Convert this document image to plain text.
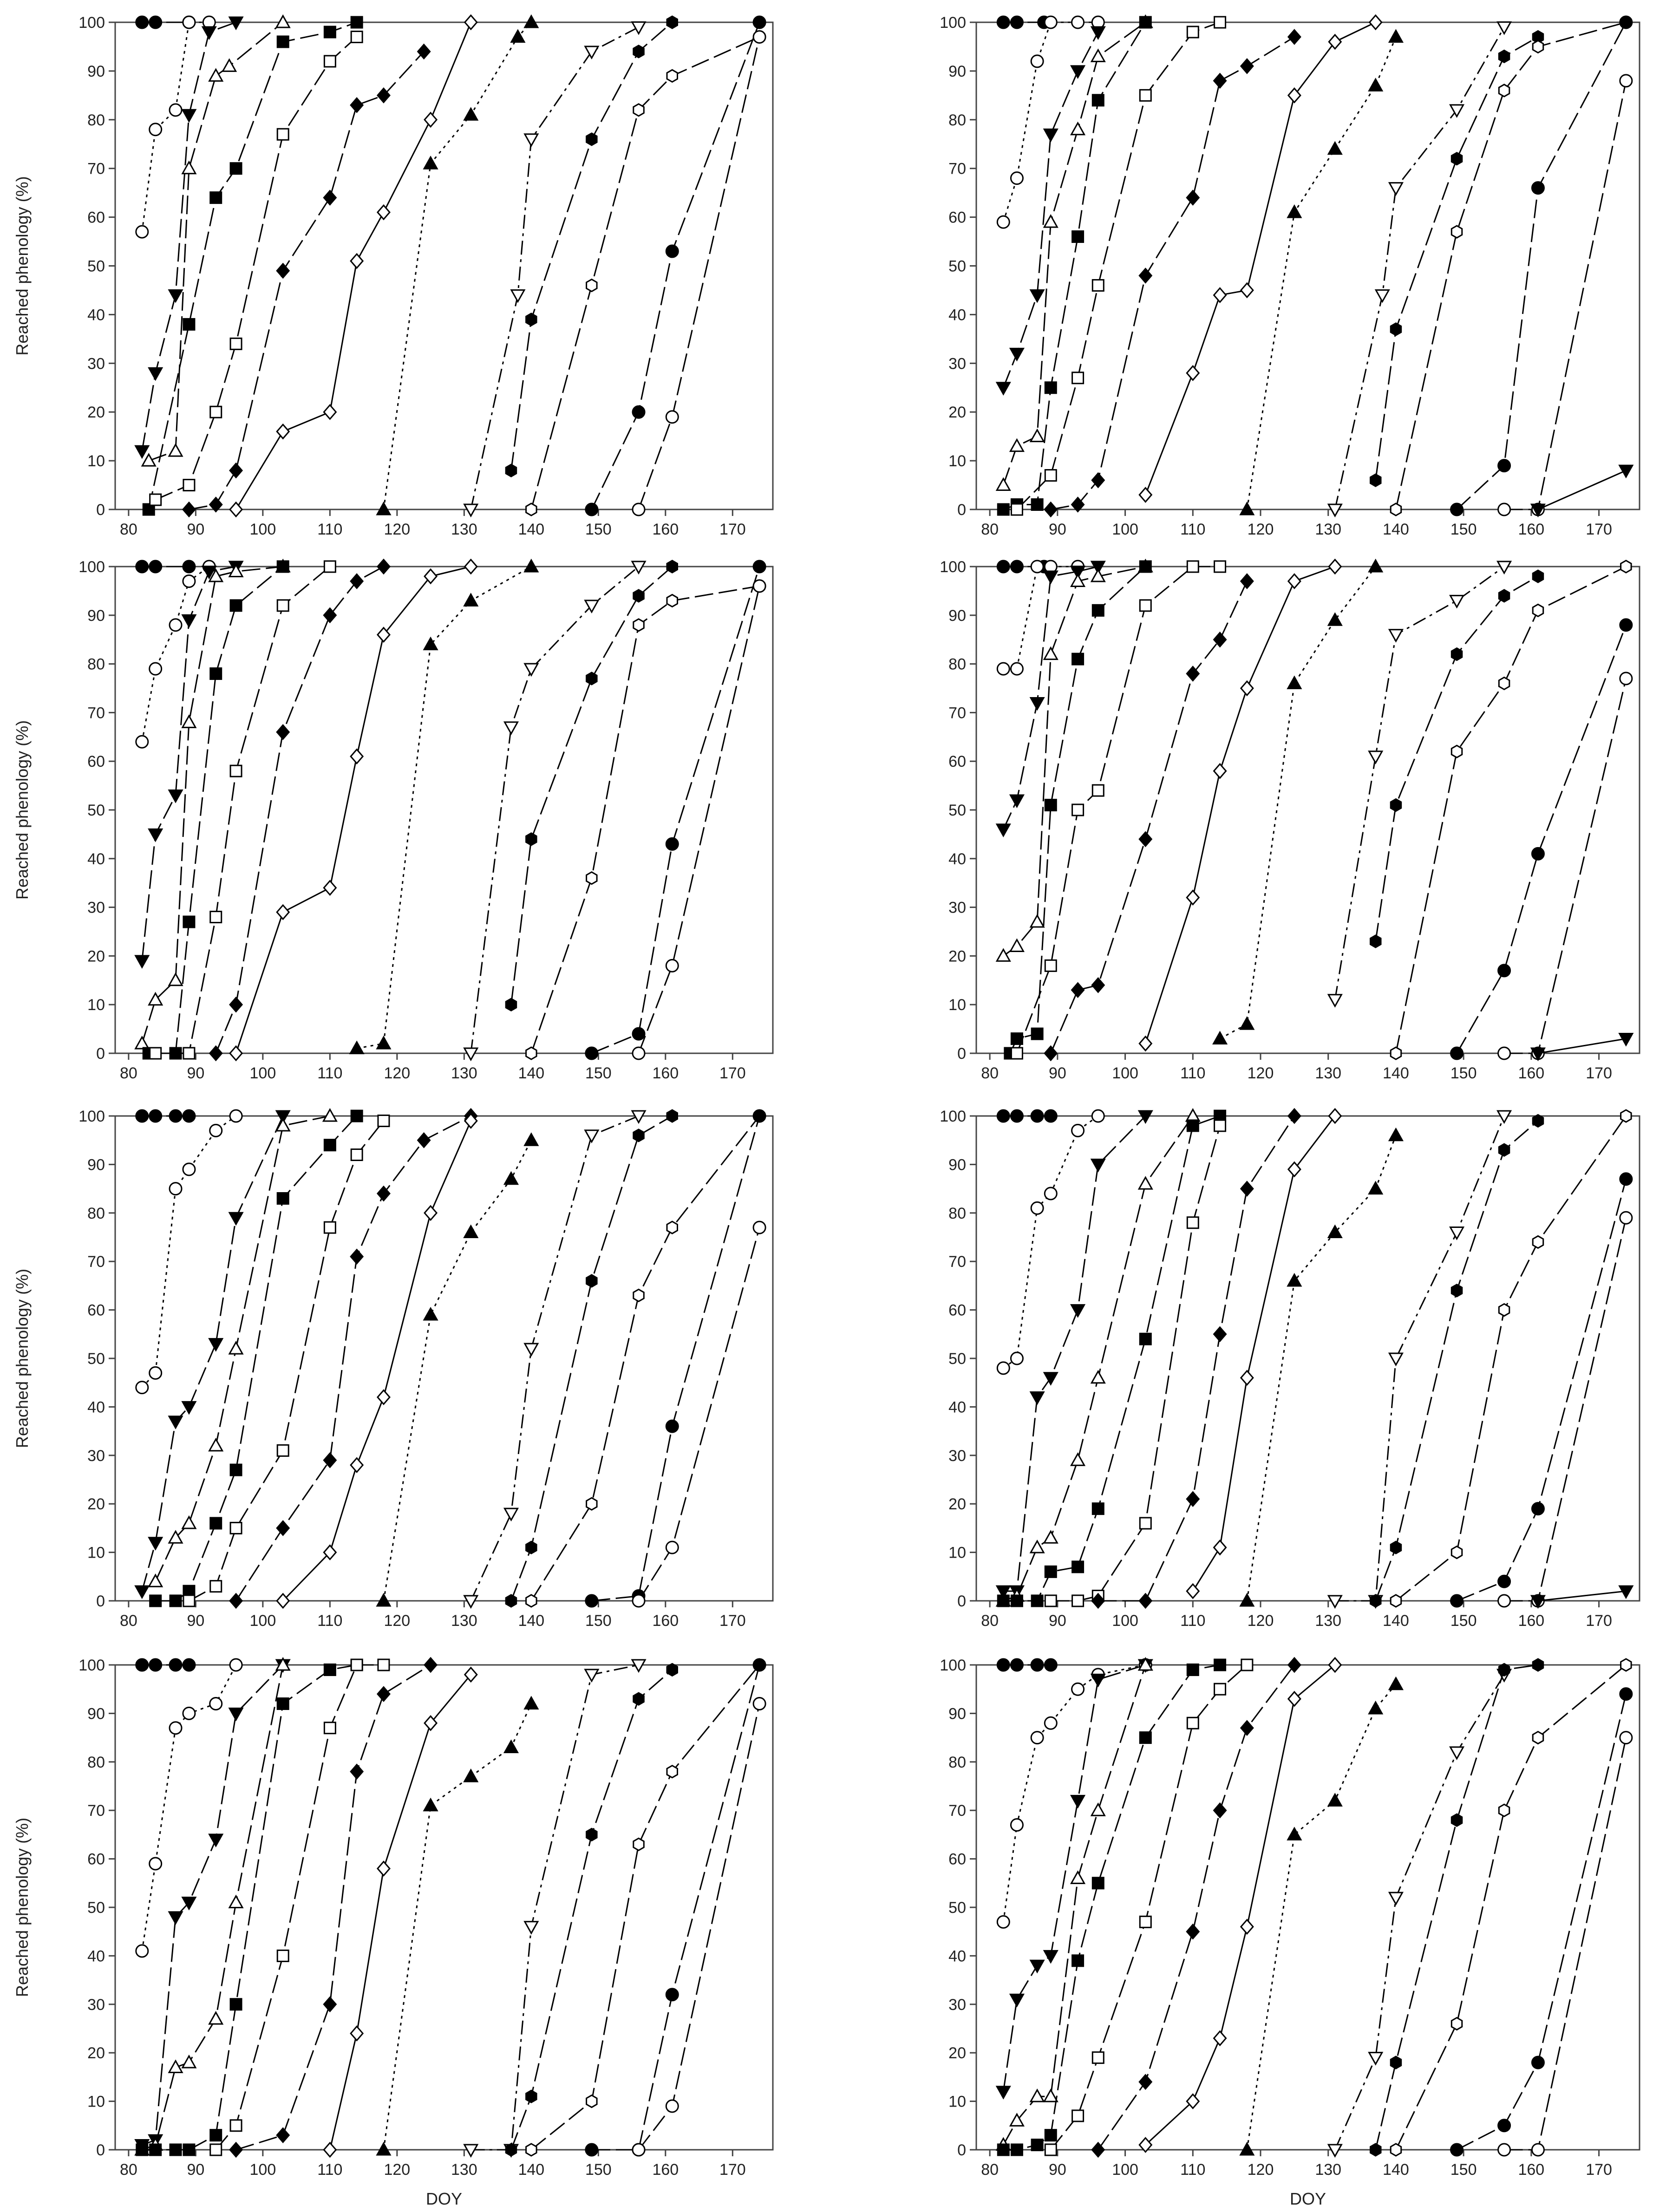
0
10
20
30
40
50
60
70
80
90
100
80	90	100	110	120	130	140	150	160	170
Reached phenology (%)
0
10
20
30
40
50
60
70
80
90
100
80	90	100	110	120	130	140	150	160	170
0
10
20
30
40
50
60
70
80
90
100
80	90	100	110	120	130	140	150	160	170
Reached phenology (%)
0
10
20
30
40
50
60
70
80
90
100
80	90	100	110	120	130	140	150	160	170
0
10
20
30
40
50
60
70
80
90
100
80	90	100	110	120	130	140	150	160	170
Reached phenology (%)
0
10
20
30
40
50
60
70
80
90
100
80	90	100	110	120	130	140	150	160	170
0
10
20
30
40
50
60
70
80
90
100
80	90	100	110	120	130	140	150	160	170
Reached phenology (%)
DOY
0
10
20
30
40
50
60
70
80
90
100
80	90	100	110	120	130	140	150	160	170
DOY
